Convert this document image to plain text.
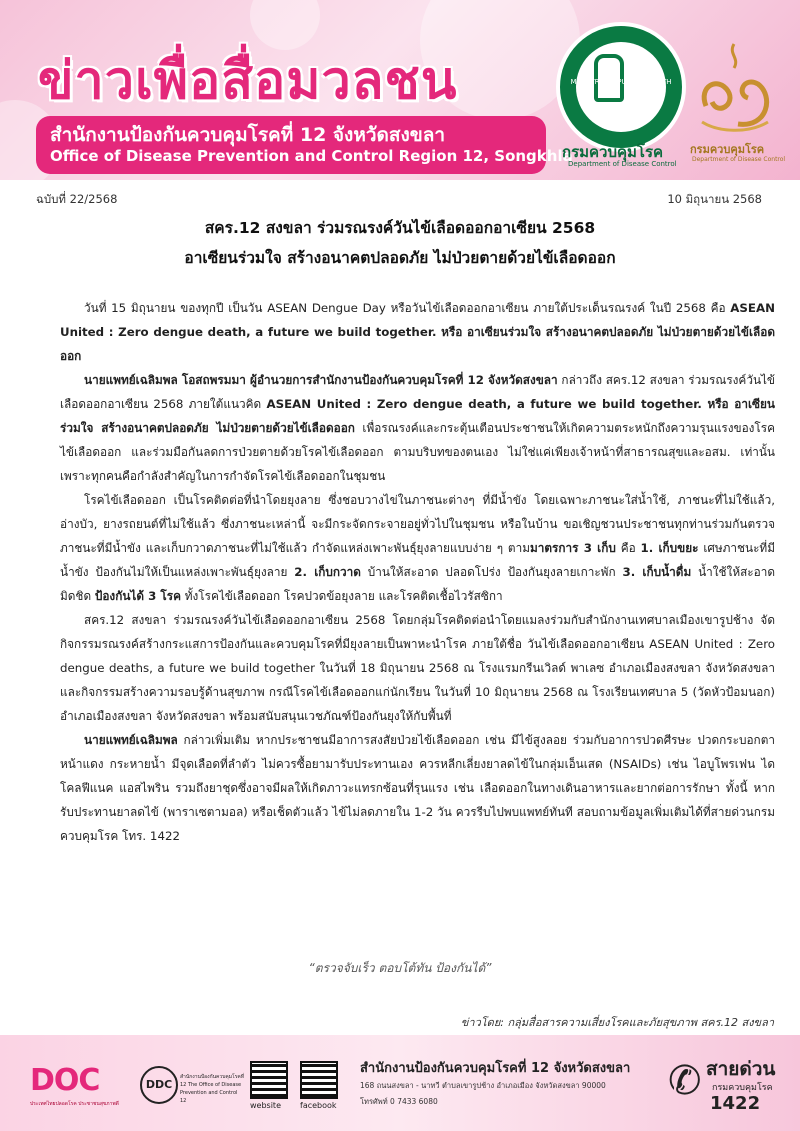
ข่าวเพื่อสื่อมวลชน
สำนักงานป้องกันควบคุมโรคที่ 12 จังหวัดสงขลา
Office of Disease Prevention and Control Region 12, Songkhla
MINISTRY OF PUBLIC HEALTH
กรมควบคุมโรค
Department of Disease Control
กรมควบคุมโรค
Department of Disease Control
ฉบับที่ 22/2568	10 มิถุนายน 2568
สคร.12 สงขลา ร่วมรณรงค์วันไข้เลือดออกอาเซียน 2568
อาเซียนร่วมใจ สร้างอนาคตปลอดภัย ไม่ป่วยตายด้วยไข้เลือดออก

วันที่ 15 มิถุนายน ของทุกปี เป็นวัน ASEAN Dengue Day หรือวันไข้เลือดออกอาเซียน ภายใต้ประเด็นรณรงค์ ในปี 2568 คือ ASEAN United : Zero dengue death, a future we build together. หรือ อาเซียนร่วมใจ สร้างอนาคตปลอดภัย ไม่ป่วยตายด้วยไข้เลือดออก

นายแพทย์เฉลิมพล โอสถพรมมา ผู้อำนวยการสำนักงานป้องกันควบคุมโรคที่ 12 จังหวัดสงขลา กล่าวถึง สคร.12 สงขลา ร่วมรณรงค์วันไข้เลือดออกอาเซียน 2568 ภายใต้แนวคิด ASEAN United : Zero dengue death, a future we build together. หรือ อาเซียนร่วมใจ สร้างอนาคตปลอดภัย ไม่ป่วยตายด้วยไข้เลือดออก เพื่อรณรงค์และกระตุ้นเตือนประชาชนให้เกิดความตระหนักถึงความรุนแรงของโรคไข้เลือดออก และร่วมมือกันลดการป่วยตายด้วยโรคไข้เลือดออก ตามบริบทของตนเอง ไม่ใช่แค่เพียงเจ้าหน้าที่สาธารณสุขและอสม. เท่านั้น เพราะทุกคนคือกำลังสำคัญในการกำจัดโรคไข้เลือดออกในชุมชน

โรคไข้เลือดออก เป็นโรคติดต่อที่นำโดยยุงลาย ซึ่งชอบวางไข่ในภาชนะต่างๆ ที่มีน้ำขัง โดยเฉพาะภาชนะใส่น้ำใช้, ภาชนะที่ไม่ใช้แล้ว, อ่างบัว, ยางรถยนต์ที่ไม่ใช้แล้ว ซึ่งภาชนะเหล่านี้ จะมีกระจัดกระจายอยู่ทั่วไปในชุมชน หรือในบ้าน ขอเชิญชวนประชาชนทุกท่านร่วมกันตรวจภาชนะที่มีน้ำขัง และเก็บกวาดภาชนะที่ไม่ใช้แล้ว กำจัดแหล่งเพาะพันธุ์ยุงลายแบบง่าย ๆ ตามมาตรการ 3 เก็บ คือ 1. เก็บขยะ เศษภาชนะที่มีน้ำขัง ป้องกันไม่ให้เป็นแหล่งเพาะพันธุ์ยุงลาย 2. เก็บกวาด บ้านให้สะอาด ปลอดโปร่ง ป้องกันยุงลายเกาะพัก 3. เก็บน้ำดื่ม น้ำใช้ให้สะอาดมิดชิด ป้องกันได้ 3 โรค ทั้งโรคไข้เลือดออก โรคปวดข้อยุงลาย และโรคติดเชื้อไวรัสซิกา

สคร.12 สงขลา ร่วมรณรงค์วันไข้เลือดออกอาเซียน 2568 โดยกลุ่มโรคติดต่อนำโดยแมลงร่วมกับสำนักงานเทศบาลเมืองเขารูปช้าง จัดกิจกรรมรณรงค์สร้างกระแสการป้องกันและควบคุมโรคที่มียุงลายเป็นพาหะนำโรค ภายใต้ชื่อ วันไข้เลือดออกอาเซียน ASEAN United : Zero dengue deaths, a future we build together ในวันที่ 18 มิถุนายน 2568 ณ โรงแรมกรีนเวิลด์ พาเลซ อำเภอเมืองสงขลา จังหวัดสงขลา และกิจกรรมสร้างความรอบรู้ด้านสุขภาพ กรณีโรคไข้เลือดออกแก่นักเรียน ในวันที่ 10 มิถุนายน 2568 ณ โรงเรียนเทศบาล 5 (วัดหัวป้อมนอก) อำเภอเมืองสงขลา จังหวัดสงขลา พร้อมสนับสนุนเวชภัณฑ์ป้องกันยุงให้กับพื้นที่

นายแพทย์เฉลิมพล กล่าวเพิ่มเติม หากประชาชนมีอาการสงสัยป่วยไข้เลือดออก เช่น มีไข้สูงลอย ร่วมกับอาการปวดศีรษะ ปวดกระบอกตา หน้าแดง กระหายน้ำ มีจุดเลือดที่ลำตัว ไม่ควรซื้อยามารับประทานเอง ควรหลีกเลี่ยงยาลดไข้ในกลุ่มเอ็นเสด (NSAIDs) เช่น ไอบูโพรเฟน ไดโคลฟีแนค แอสไพริน รวมถึงยาชุดซึ่งอาจมีผลให้เกิดภาวะแทรกซ้อนที่รุนแรง เช่น เลือดออกในทางเดินอาหารและยากต่อการรักษา ทั้งนี้ หากรับประทานยาลดไข้ (พาราเซตามอล) หรือเช็ดตัวแล้ว ไข้ไม่ลดภายใน 1-2 วัน ควรรีบไปพบแพทย์ทันที สอบถามข้อมูลเพิ่มเติมได้ที่สายด่วนกรมควบคุมโรค โทร. 1422

“ตรวจจับเร็ว ตอบโต้ทัน ป้องกันได้”
ข่าวโดย: กลุ่มสื่อสารความเสี่ยงโรคและภัยสุขภาพ สคร.12 สงขลา
DOC
ประเทศไทยปลอดโรค ประชาชนสุขภาพดี
DDC
สำนักงานป้องกันควบคุมโรคที่ 12 The Office of Disease Prevention and Control 12	website facebook
สำนักงานป้องกันควบคุมโรคที่ 12 จังหวัดสงขลา
168 ถนนสงขลา - นาทวี ตำบลเขารูปช้าง อำเภอเมือง จังหวัดสงขลา 90000
โทรศัพท์ 0 7433 6080	✆ สายด่วน
กรมควบคุมโรค
1422
